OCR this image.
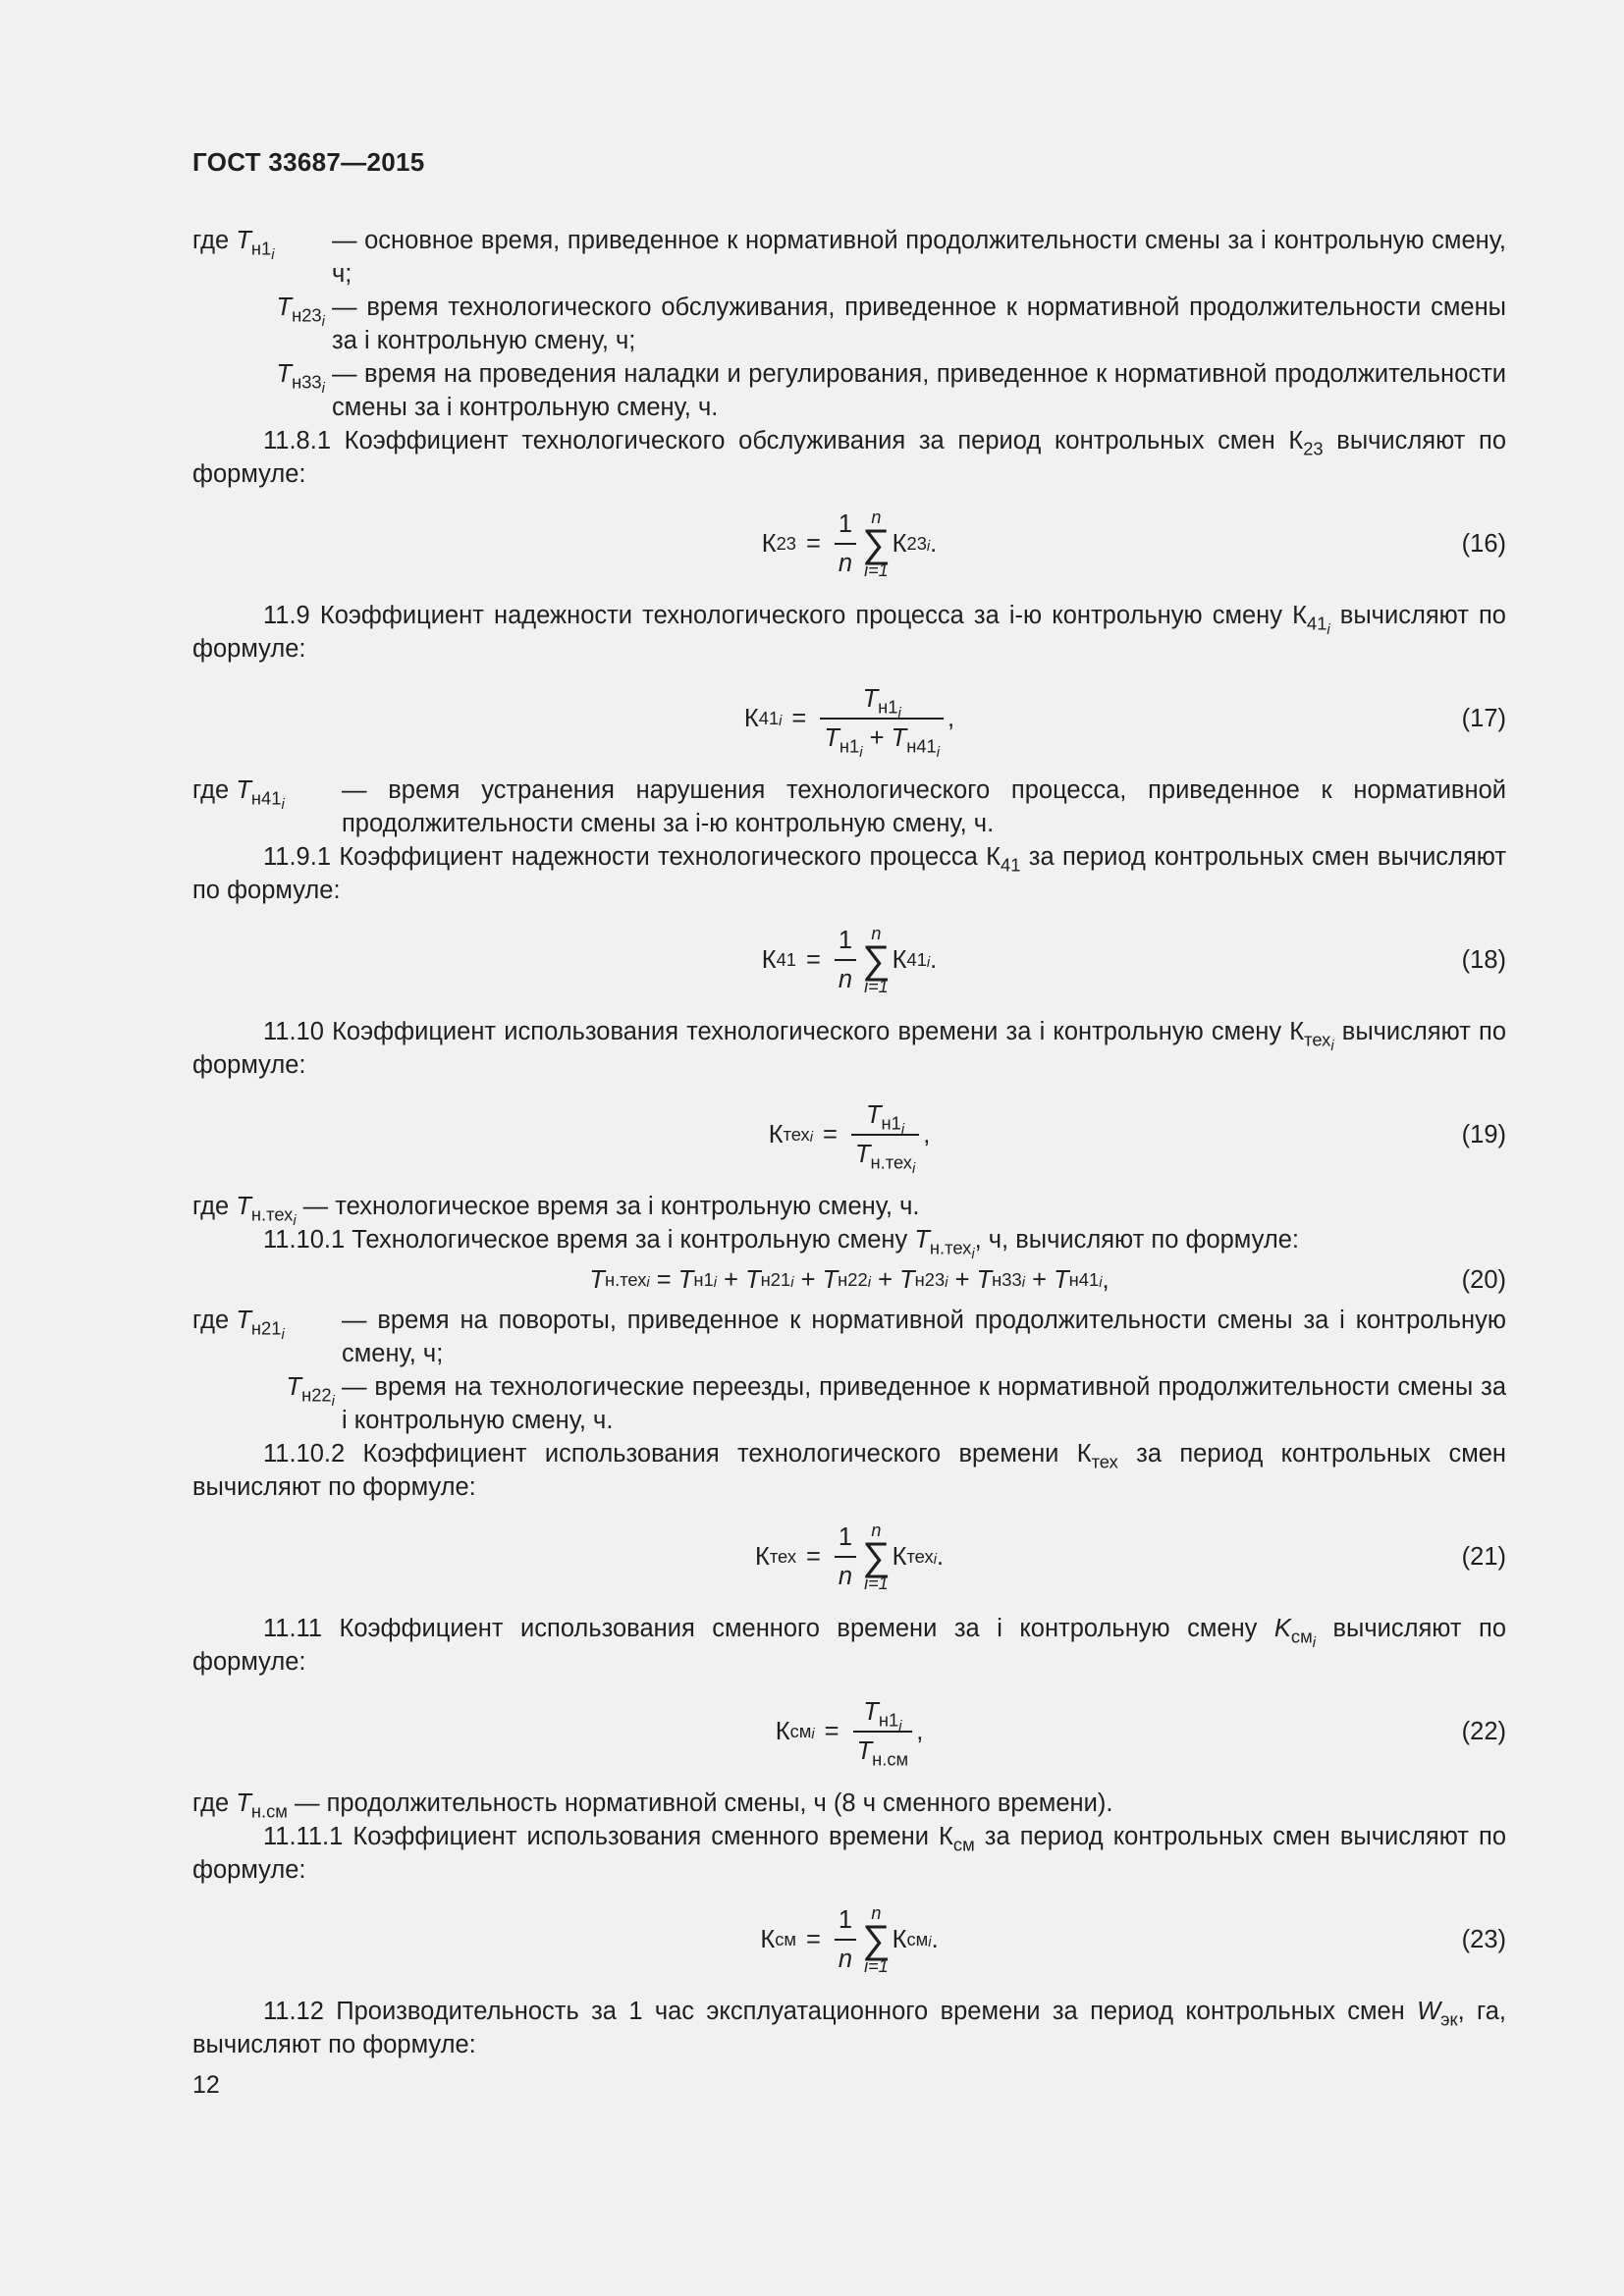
ГОСТ 33687—2015
где $T_{н1_i}$
— основное время, приведенное к нормативной продолжительности смены за i контрольную смену, ч;
$T_{н23_i}$
— время технологического обслуживания, приведенное к нормативной продолжительности смены за i контрольную смену, ч;
$T_{н33_i}$
— время на проведения наладки и регулирования, приведенное к нормативной продолжительности смены за i контрольную смену, ч.

11.8.1 Коэффициент технологического обслуживания за период контрольных смен $К_{23}$ вычисляют по формуле:

К $23 = \frac{1}{n}$ n
∑
i=1
К 23 $_i$ .	(16)

11.9 Коэффициент надежности технологического процесса за i-ю контрольную смену $К_{41_i}$ вычисляют по формуле:

К 41 $_i = \frac{T_{н1_i}}{T_{н1_i} + T_{н41_i}}$ ,	(17)
где $T_{н41_i}$
— время устранения нарушения технологического процесса, приведенное к нормативной продолжительности смены за i-ю контрольную смену, ч.

11.9.1 Коэффициент надежности технологического процесса $К_{41}$ за период контрольных смен вычисляют по формуле:

К $41 = \frac{1}{n}$ n
∑
i=1
К 41 $_i$ .	(18)

11.10 Коэффициент использования технологического времени за i контрольную смену $К_{тех_i}$ вычисляют по формуле:

К тех $_i = \frac{T_{н1_i}}{T_{н.тех_i}}$ ,	(19)

где $T_{н.тех_i}$ — технологическое время за i контрольную смену, ч.

11.10.1 Технологическое время за i контрольную смену $T_{н.тех_i}$, ч, вычисляют по формуле:

T н.тех $_i$
=
T н1 $_i$
+
T н21 $_i$
+
T н22 $_i$
+
T н23 $_i$
+
T н33 $_i$
+
T н41 $_i$ ,	(20)
где $T_{н21_i}$
— время на повороты, приведенное к нормативной продолжительности смены за i контрольную смену, ч;
$T_{н22_i}$
— время на технологические переезды, приведенное к нормативной продолжительности смены за i контрольную смену, ч.

11.10.2 Коэффициент использования технологического времени $К_{тех}$ за период контрольных смен вычисляют по формуле:

К тех = $\frac{1}{n}$ n
∑
i=1
К тех $_i$ .	(21)

11.11 Коэффициент использования сменного времени за i контрольную смену $K_{см_i}$ вычисляют по формуле:

К см $_i = \frac{T_{н1_i}}{T_{н.см}}$ ,	(22)

где $T_{н.см}$ — продолжительность нормативной смены, ч (8 ч сменного времени).

11.11.1 Коэффициент использования сменного времени $К_{см}$ за период контрольных смен вычисляют по формуле:

К см = $\frac{1}{n}$ n
∑
i=1
К см $_i$ .	(23)

11.12 Производительность за 1 час эксплуатационного времени за период контрольных смен $W_{эк}$, га, вычисляют по формуле:

12
